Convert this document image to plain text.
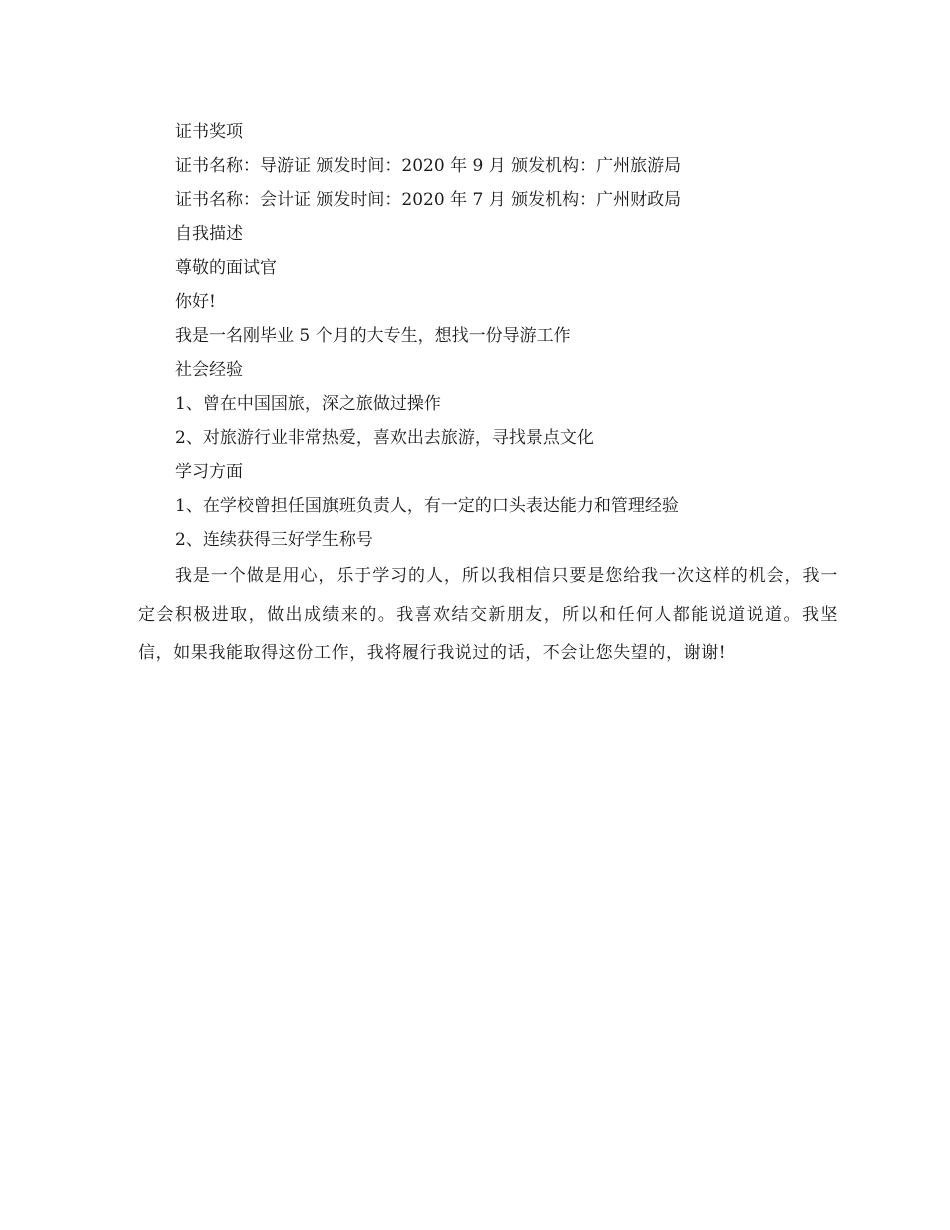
证书奖项
证书名称：导游证 颁发时间：2020 年 9 月 颁发机构：广州旅游局
证书名称：会计证 颁发时间：2020 年 7 月 颁发机构：广州财政局
自我描述
尊敬的面试官
你好!
我是一名刚毕业 5 个月的大专生，想找一份导游工作
社会经验
1、曾在中国国旅，深之旅做过操作
2、对旅游行业非常热爱，喜欢出去旅游，寻找景点文化
学习方面
1、在学校曾担任国旗班负责人，有一定的口头表达能力和管理经验
2、连续获得三好学生称号

我是一个做是用心，乐于学习的人，所以我相信只要是您给我一次这样的机会，我一定会积极进取，做出成绩来的。我喜欢结交新朋友，所以和任何人都能说道说道。我坚信，如果我能取得这份工作，我将履行我说过的话，不会让您失望的，谢谢!
